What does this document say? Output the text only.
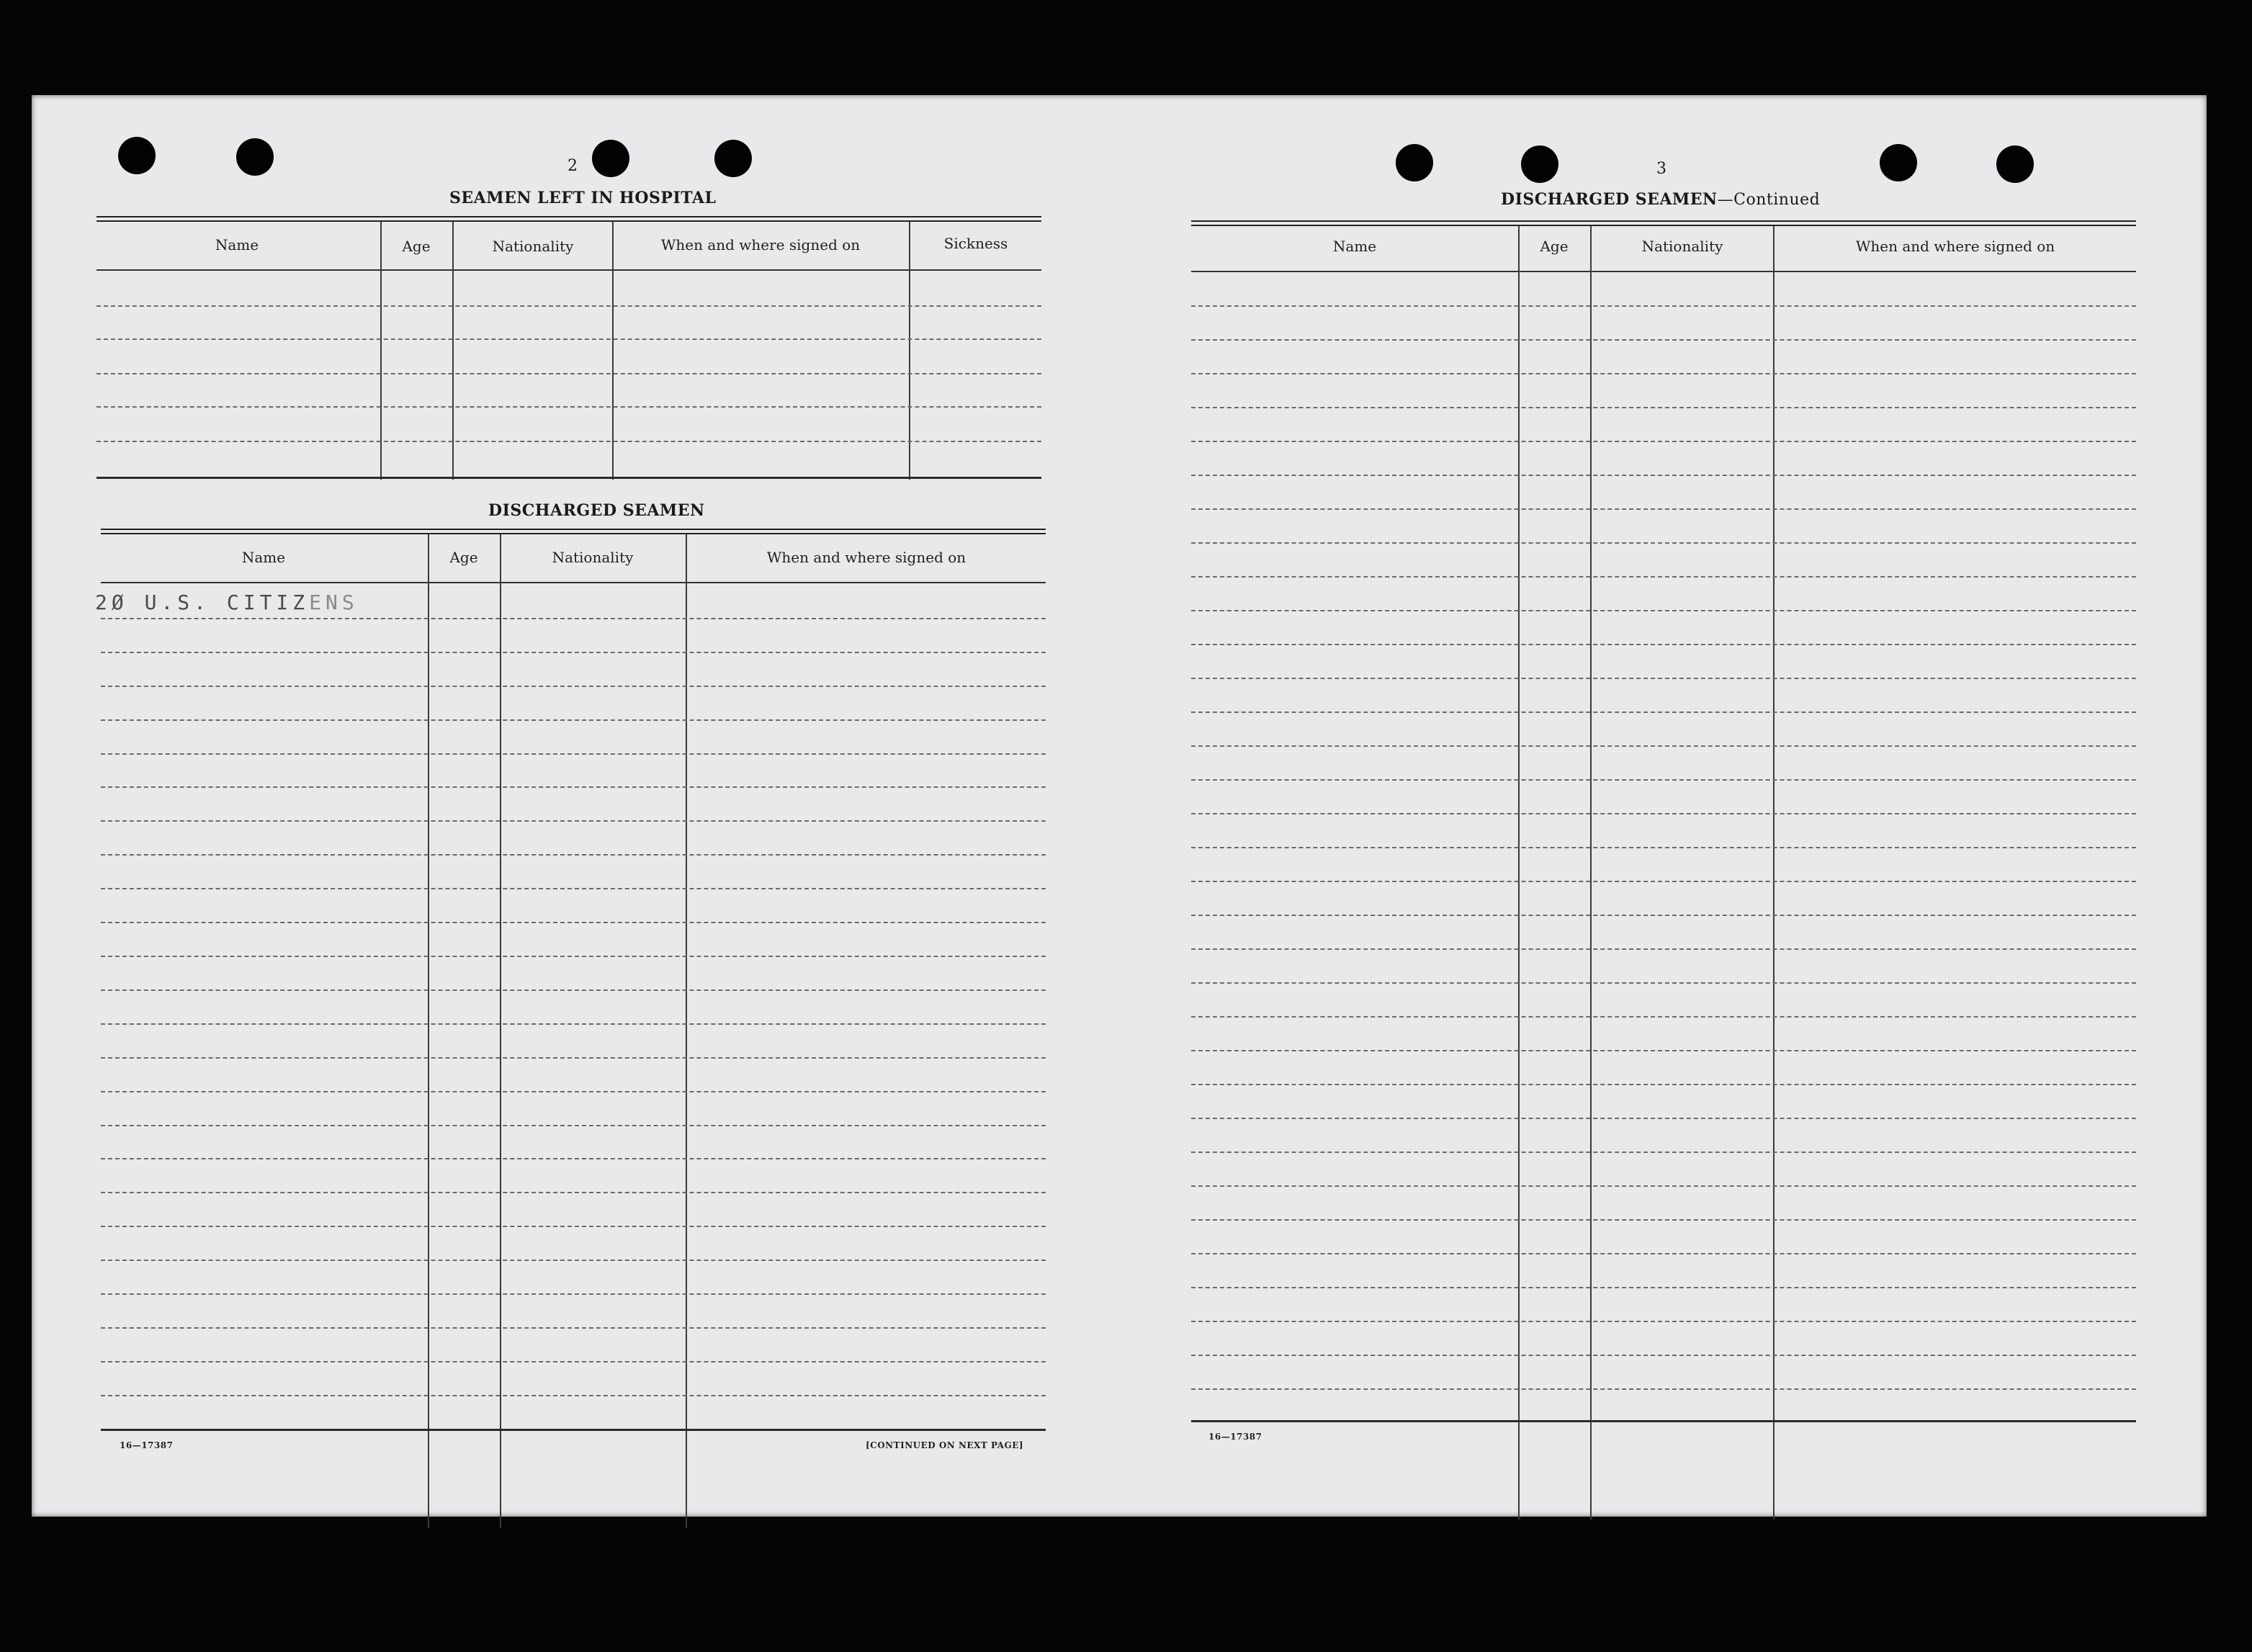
2
SEAMEN LEFT IN HOSPITAL
Name	Age	Nationality	When and where signed on	Sickness
DISCHARGED SEAMEN
Name	Age	Nationality	When and where signed on
2Ø U.S. CITIZENS
16—17387	[CONTINUED ON NEXT PAGE]
3
DISCHARGED SEAMEN—Continued
Name	Age	Nationality	When and where signed on
16—17387
